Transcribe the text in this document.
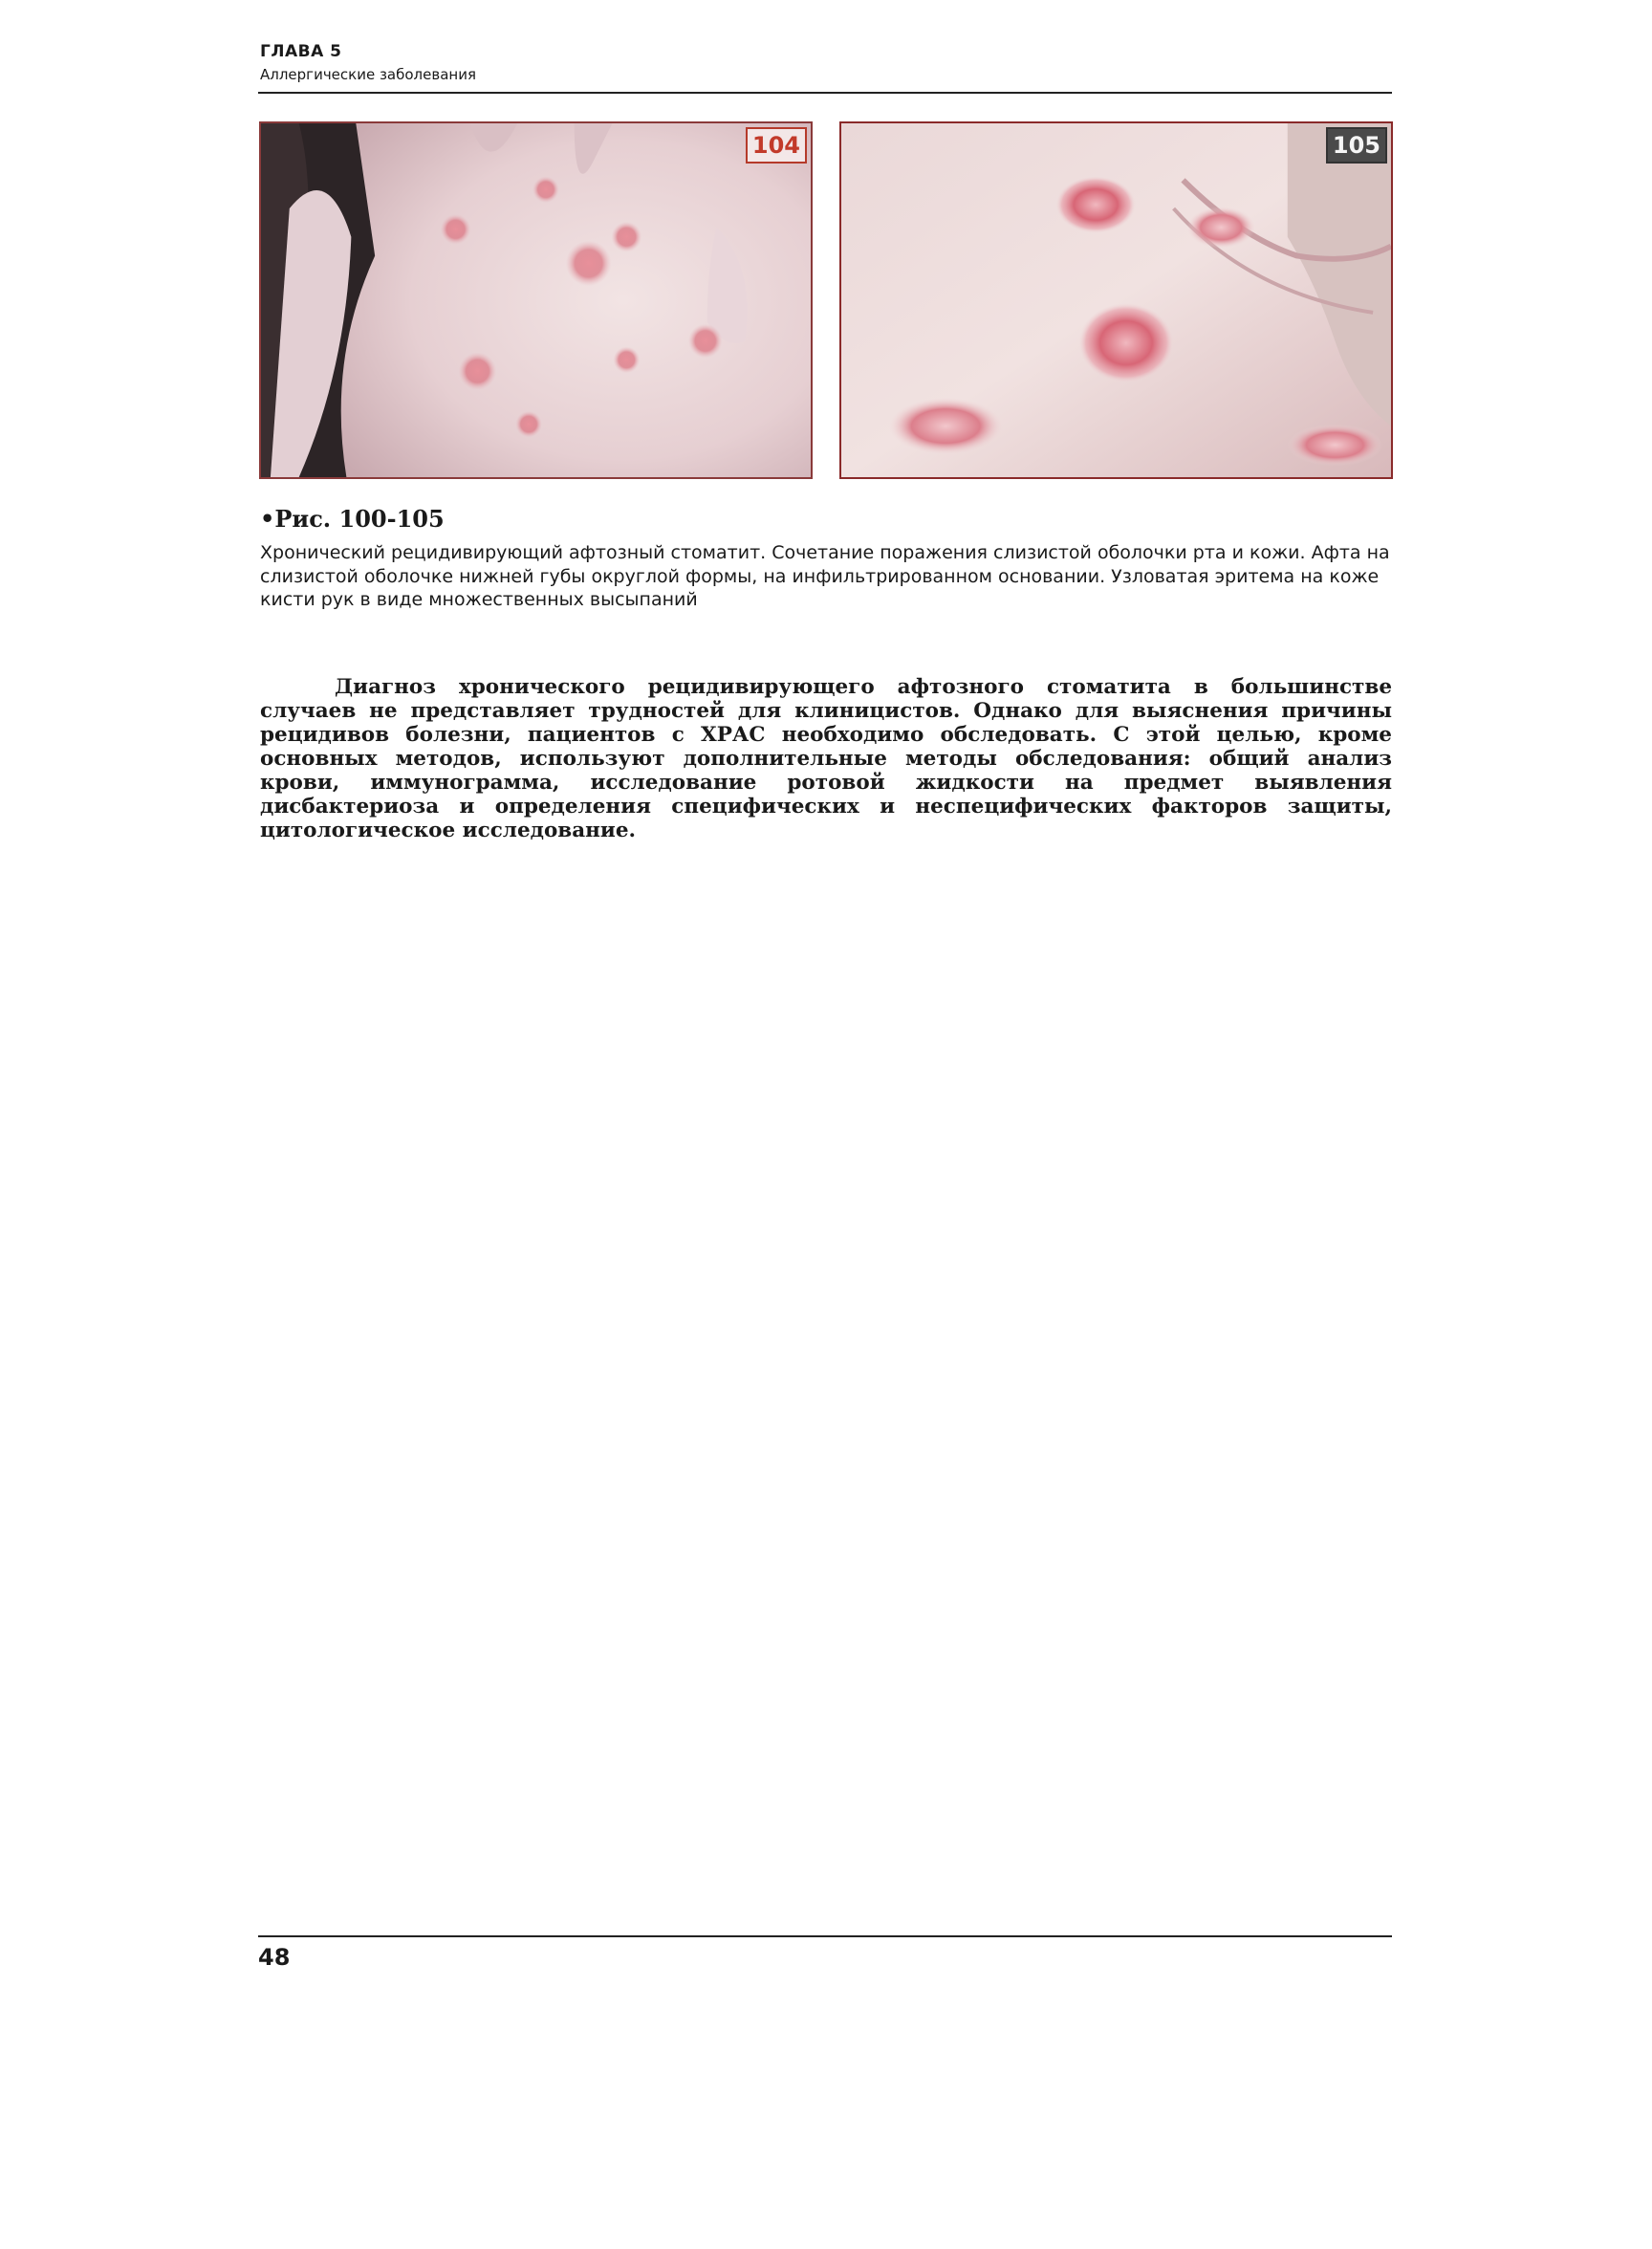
ГЛАВА 5
Аллергические заболевания
104	105
•Рис. 100-105
Хронический рецидивирующий афтозный стоматит. Сочетание поражения слизистой оболочки рта и кожи. Афта на слизистой оболочке нижней губы округлой формы, на инфильтрированном основании. Узловатая эритема на коже кисти рук в виде множественных высыпаний
Диагноз хронического рецидивирующего афтозного стоматита в большинстве случаев не представляет трудностей для клиницистов. Однако для выяснения причины рецидивов болезни, пациентов с ХРАС необходимо обследовать. С этой целью, кроме основных методов, используют дополнительные методы обследования: общий анализ крови, иммунограмма, исследование ротовой жидкости на предмет выявления дисбактериоза и определения специфических и неспецифических факторов защиты, цитологическое исследование.
48
